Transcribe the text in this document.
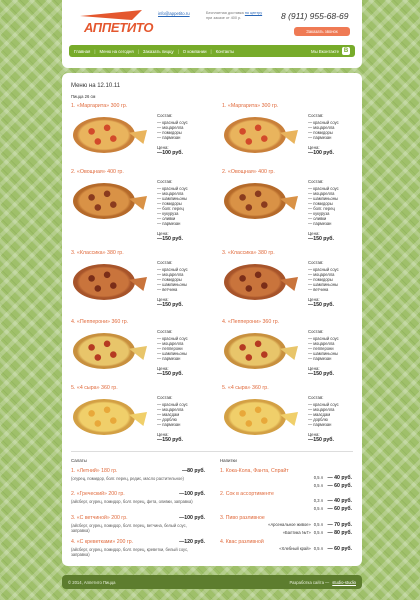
АППЕТИТО
info@appetito.ru	Бесплатная доставка по центру
при заказе от 400 р.	8 (911) 955-68-69
Заказать звонок
Главная | Меню на сегодня | Заказать пиццу | О компании | Контакты	Мы Вконтакте B
Меню на 12.10.11
Пицца 26 см
1. «Маргарита» 300 гр.
Состав:
— красный соус
— моцарелла
— помидоры
— пармезан
Цена:
— 100 руб.
1. «Маргарита» 300 гр.
Состав:
— красный соус
— моцарелла
— помидоры
— пармезан
Цена:
— 100 руб.
2. «Овощная» 400 гр.
Состав:
— красный соус
— моцарелла
— шампиньоны
— помидоры
— болг. перец
— кукуруза
— оливки
— пармезан
Цена:
— 150 руб.
2. «Овощная» 400 гр.
Состав:
— красный соус
— моцарелла
— шампиньоны
— помидоры
— болг. перец
— кукуруза
— оливки
— пармезан
Цена:
— 150 руб.
3. «Классика» 380 гр.
Состав:
— красный соус
— моцарелла
— помидоры
— шампиньоны
— ветчина
Цена:
— 150 руб.
3. «Классика» 380 гр.
Состав:
— красный соус
— моцарелла
— помидоры
— шампиньоны
— ветчина
Цена:
— 150 руб.
4. «Пепперони» 360 гр.
Состав:
— красный соус
— моцарелла
— пепперони
— шампиньоны
— пармезан
Цена:
— 150 руб.
4. «Пепперони» 360 гр.
Состав:
— красный соус
— моцарелла
— пепперони
— шампиньоны
— пармезан
Цена:
— 150 руб.
5. «4 сыра» 360 гр.
Состав:
— красный соус
— моцарелла
— маасдам
— дорблю
— пармезан
Цена:
— 150 руб.
5. «4 сыра» 360 гр.
Состав:
— красный соус
— моцарелла
— маасдам
— дорблю
— пармезан
Цена:
— 150 руб.
Салаты	Напитки
1. «Летний» 180 гр.	— 80 руб.
(огурец, помидор, болг. перец, редис, масло растительное)
2. «Греческий» 200 гр.	— 100 руб.
(айсберг, огурец, помидор, болг. перец, фета, оливки, заправка)
3. «С ветчиной» 200 гр.	— 100 руб.
(айсберг, огурец, помидор, болг. перец, ветчина, белый соус, заправка)
4. «С креветками» 200 гр.	— 120 руб.
(айсберг, огурец, помидор, болг. перец, креветки, белый соус, заправка)
1. Кока-Кола, Фанта, Спрайт
0,5 л	— 40 руб.
0,5 л	— 60 руб.
2. Сок в ассортименте
0,3 л	— 40 руб.
0,5 л	— 60 руб.
3. Пиво разливное
«Арсенальное живое» 0,5 л	— 70 руб.
«Балтика №7» 0,5 л	— 80 руб.
4. Квас разливной
«Хлебный край» 0,5 л	— 60 руб.
© 2014, Аппетито Пицца	Разработка сайта — studio-studio
